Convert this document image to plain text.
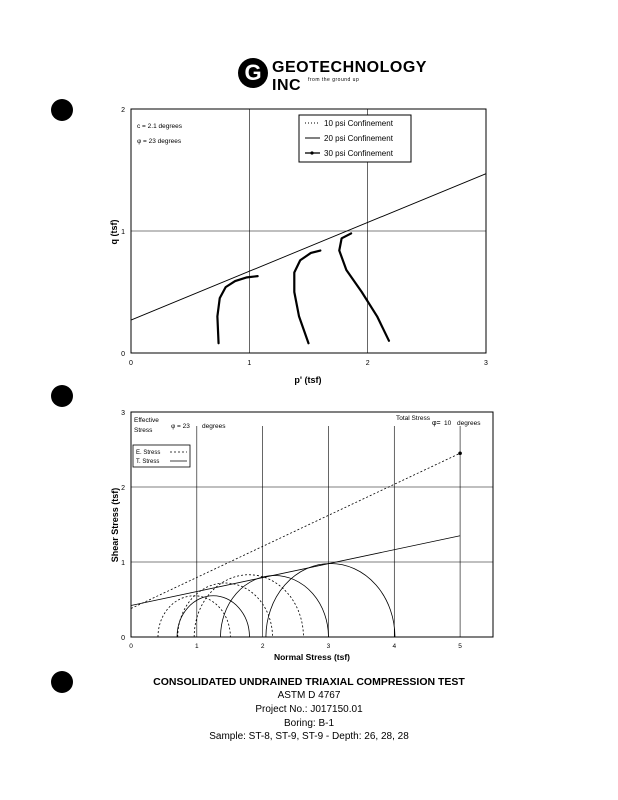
G GEOTECHNOLOGY INC	from the ground up
0	1	2	3
0
1
2
p' (tsf)
q (tsf)
c = 2.1 degrees
φ = 23 degrees
10 psi Confinement
20 psi Confinement
30 psi Confinement
0	1	2	3	4	5
0
1
2
3
Normal Stress (tsf)
Shear Stress (tsf)
Effective Stress
φ = 23 degrees
Total Stress
φ= 10 degrees
E. Stress
T. Stress
CONSOLIDATED UNDRAINED TRIAXIAL COMPRESSION TEST
ASTM D 4767
Project No.: J017150.01
Boring: B-1
Sample: ST-8, ST-9, ST-9 - Depth: 26, 28, 28
